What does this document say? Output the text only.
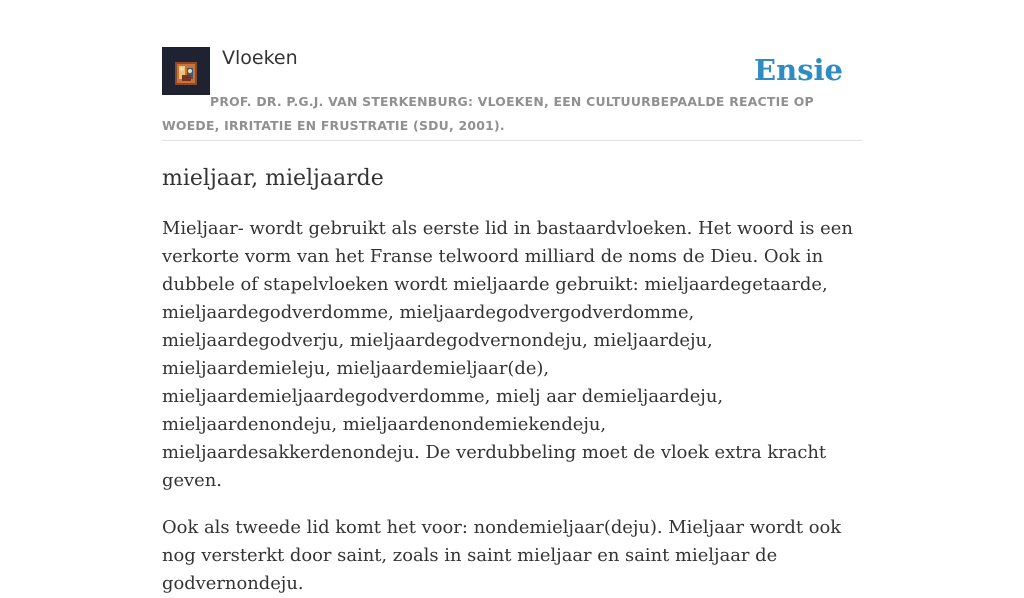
Vloeken	Ensie
PROF. DR. P.G.J. VAN STERKENBURG: VLOEKEN, EEN CULTUURBEPAALDE REACTIE OP WOEDE, IRRITATIE EN FRUSTRATIE (SDU, 2001).
mieljaar, mieljaarde

Mieljaar- wordt gebruikt als eerste lid in bastaardvloeken. Het woord is een verkorte vorm van het Franse telwoord milliard de noms de Dieu. Ook in dubbele of stapelvloeken wordt mieljaarde gebruikt: mieljaardegetaarde, mieljaardegodverdomme, mieljaardegodvergodverdomme, mieljaardegodverju, mieljaardegodvernondeju, mieljaardeju, mieljaardemieleju, mieljaardemieljaar(de), mieljaardemieljaardegodverdomme, mielj aar demieljaardeju, mieljaardenondeju, mieljaardenondemiekendeju, mieljaardesakkerdenondeju. De verdubbeling moet de vloek extra kracht geven.

Ook als tweede lid komt het voor: nondemieljaar(deju). Mieljaar wordt ook nog versterkt door saint, zoals in saint mieljaar en saint mieljaar de godvernondeju.
